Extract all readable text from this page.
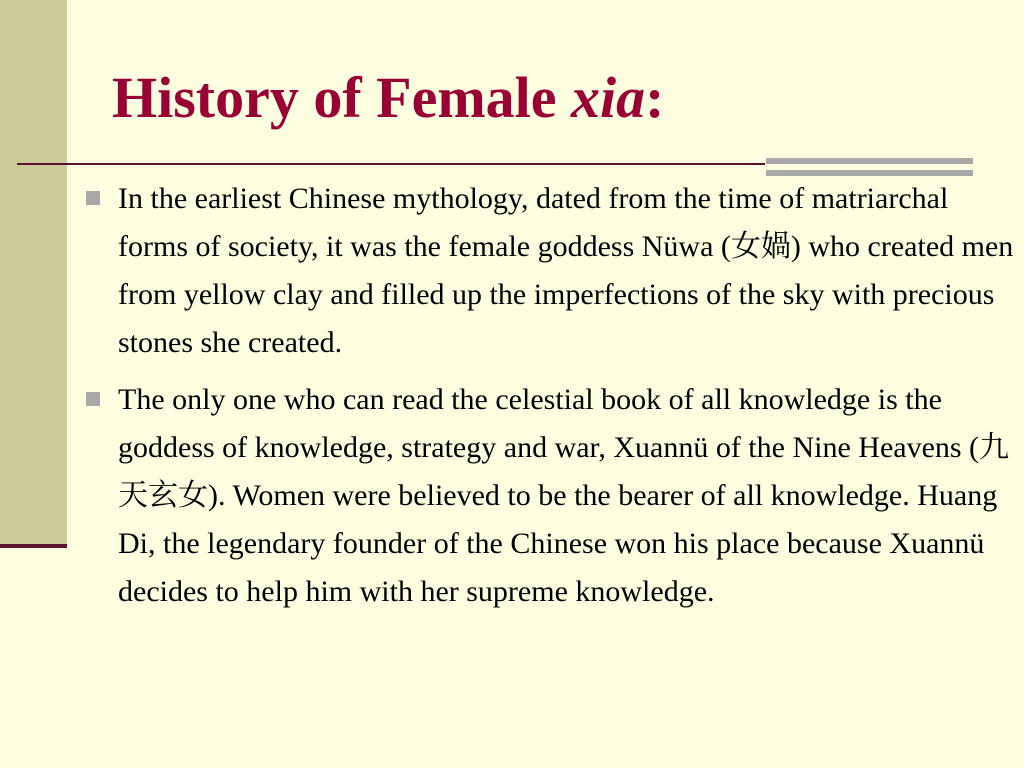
History of Female xia:
In the earliest Chinese mythology, dated from the time of matriarchal forms of society, it was the female goddess Nüwa (女媧) who created men from yellow clay and filled up the imperfections of the sky with precious stones she created.
The only one who can read the celestial book of all knowledge is the goddess of knowledge, strategy and war, Xuannü of the Nine Heavens (九天玄女). Women were believed to be the bearer of all knowledge. Huang Di, the legendary founder of the Chinese won his place because Xuannü decides to help him with her supreme knowledge.
